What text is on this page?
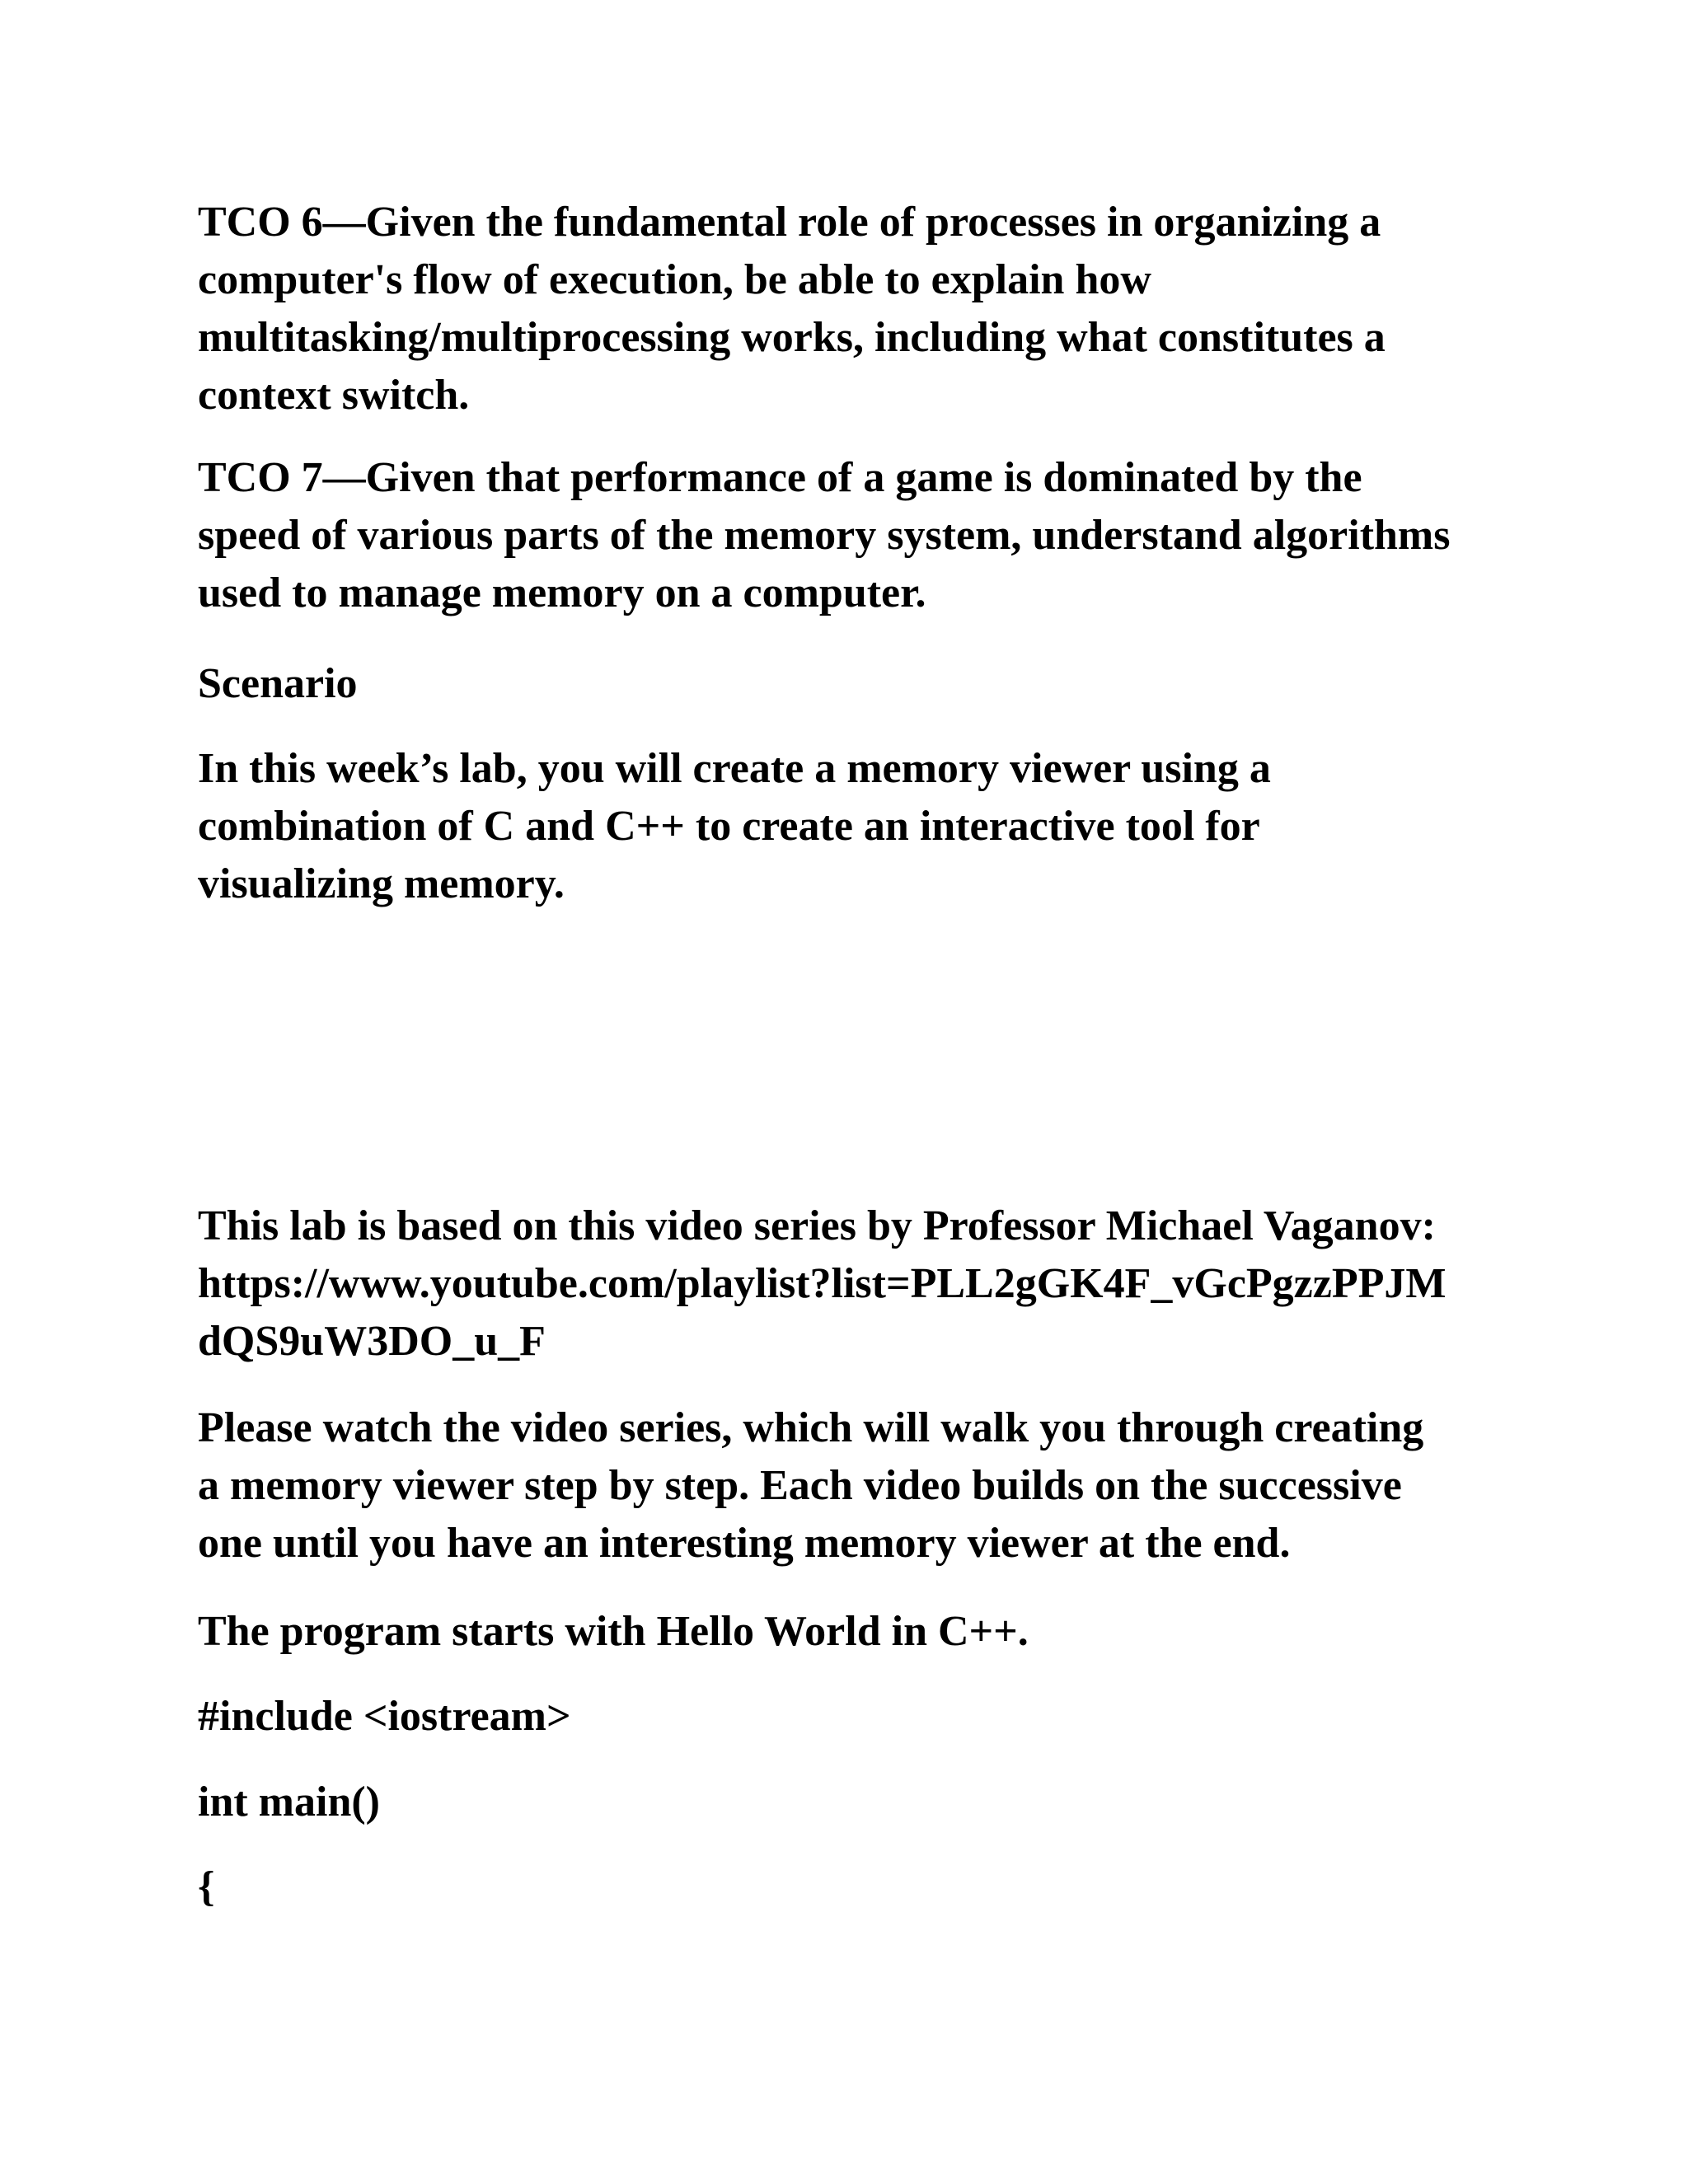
TCO 6—Given the fundamental role of processes in organizing a
computer's flow of execution, be able to explain how
multitasking/multiprocessing works, including what constitutes a
context switch.
TCO 7—Given that performance of a game is dominated by the
speed of various parts of the memory system, understand algorithms
used to manage memory on a computer.
Scenario
In this week’s lab, you will create a memory viewer using a
combination of C and C++ to create an interactive tool for
visualizing memory.
This lab is based on this video series by Professor Michael Vaganov:
https://www.youtube.com/playlist?list=PLL2gGK4F_vGcPgzzPPJM
dQS9uW3DO_u_F
Please watch the video series, which will walk you through creating
a memory viewer step by step. Each video builds on the successive
one until you have an interesting memory viewer at the end.
The program starts with Hello World in C++.
#include <iostream>
int main()
{
